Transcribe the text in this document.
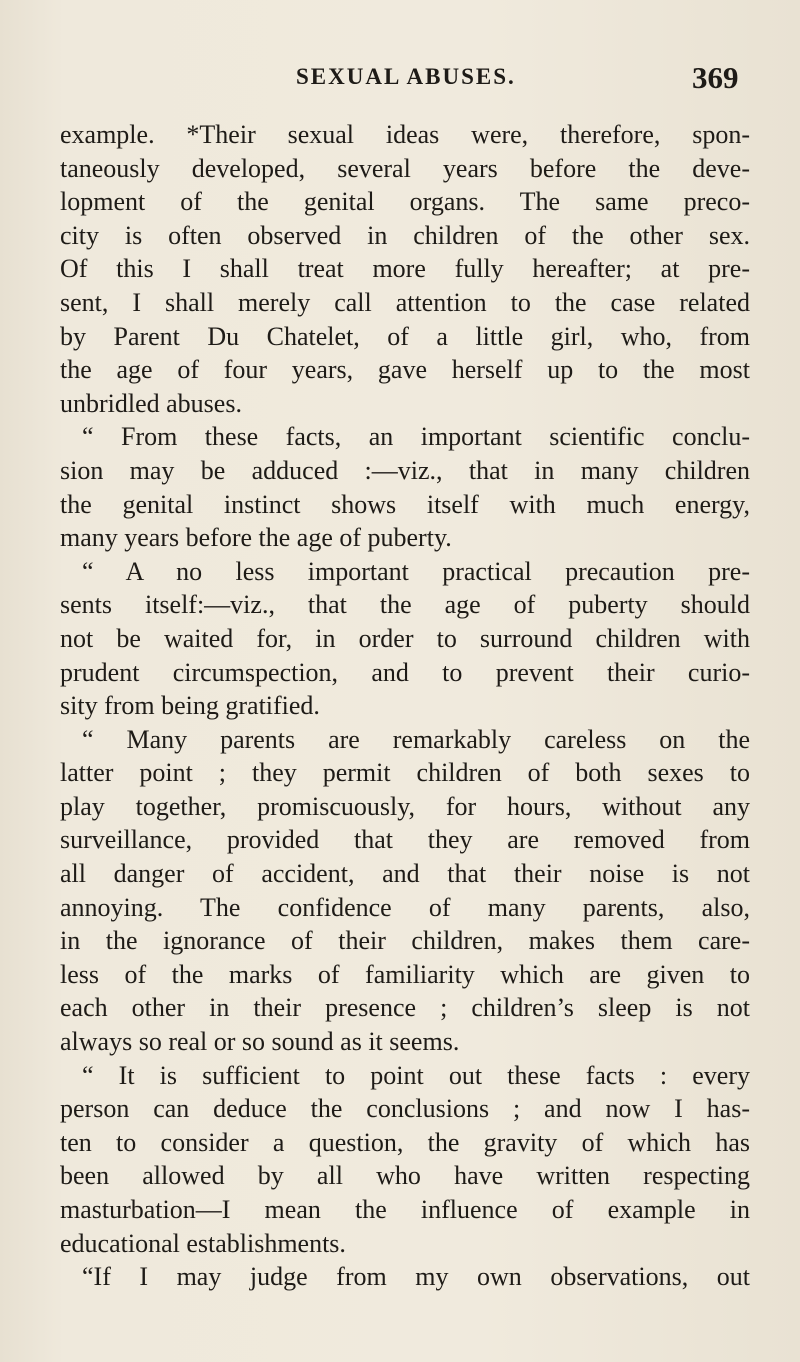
SEXUAL ABUSES.	369
example. *Their sexual ideas were, therefore, spon-
taneously developed, several years before the deve-
lopment of the genital organs. The same preco-
city is often observed in children of the other sex.
Of this I shall treat more fully hereafter; at pre-
sent, I shall merely call attention to the case related
by Parent Du Chatelet, of a little girl, who, from
the age of four years, gave herself up to the most
unbridled abuses.
“ From these facts, an important scientific conclu-
sion may be adduced :—viz., that in many children
the genital instinct shows itself with much energy,
many years before the age of puberty.
“ A no less important practical precaution pre-
sents itself:—viz., that the age of puberty should
not be waited for, in order to surround children with
prudent circumspection, and to prevent their curio-
sity from being gratified.
“ Many parents are remarkably careless on the
latter point ; they permit children of both sexes to
play together, promiscuously, for hours, without any
surveillance, provided that they are removed from
all danger of accident, and that their noise is not
annoying. The confidence of many parents, also,
in the ignorance of their children, makes them care-
less of the marks of familiarity which are given to
each other in their presence ; children’s sleep is not
always so real or so sound as it seems.
“ It is sufficient to point out these facts : every
person can deduce the conclusions ; and now I has-
ten to consider a question, the gravity of which has
been allowed by all who have written respecting
masturbation—I mean the influence of example in
educational establishments.
“If I may judge from my own observations, out
